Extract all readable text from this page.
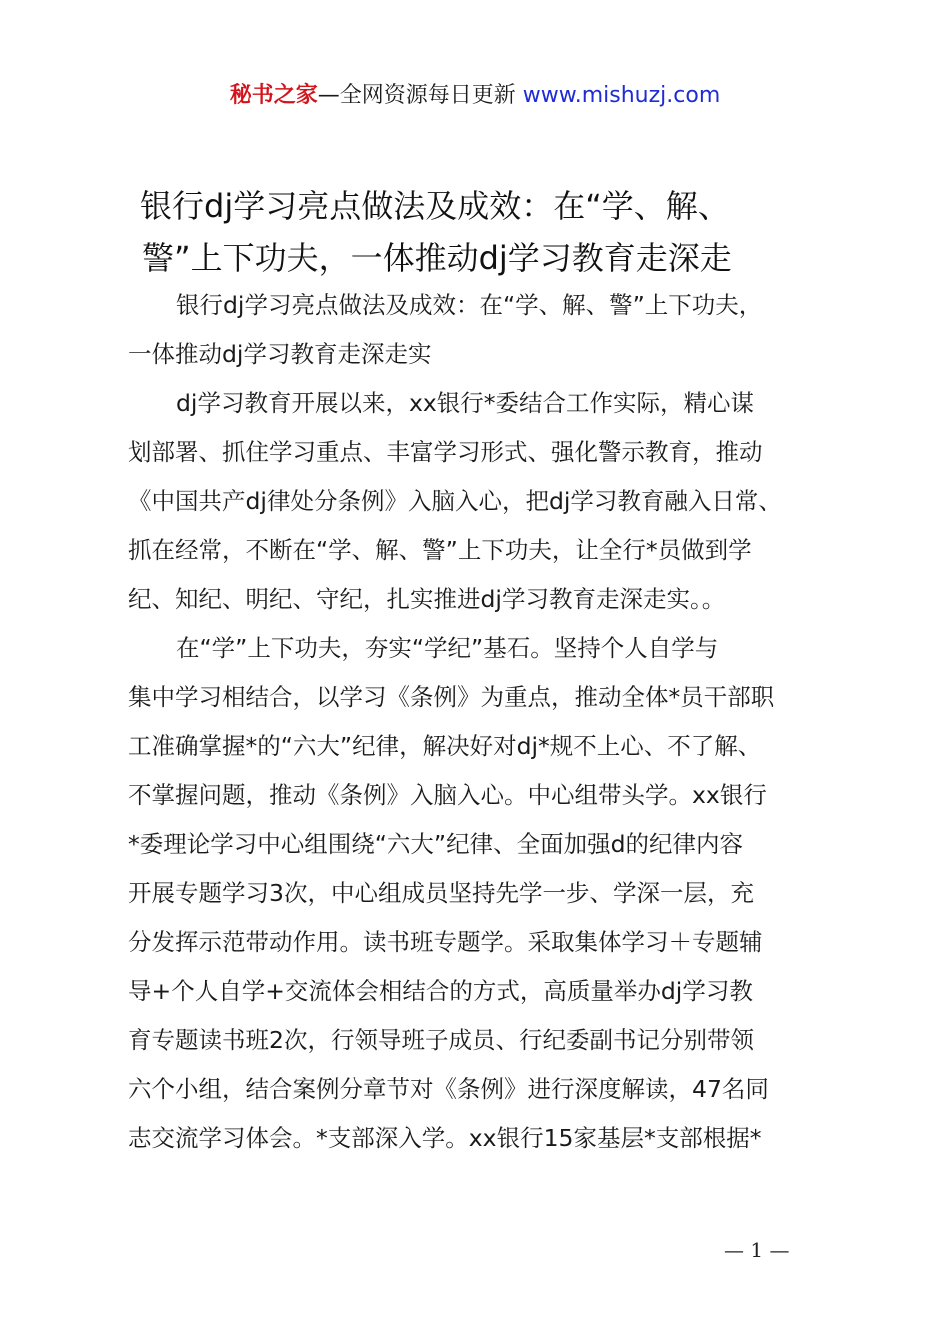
秘书之家—全网资源每日更新 www.mishuzj.com
银行dj学习亮点做法及成效：在“学、解、
警”上下功夫，一体推动dj学习教育走深走

银行dj学习亮点做法及成效：在“学、解、警”上下功夫，
一体推动dj学习教育走深走实

dj学习教育开展以来，xx银行*委结合工作实际，精心谋
划部署、抓住学习重点、丰富学习形式、强化警示教育，推动
《中国共产dj律处分条例》入脑入心，把dj学习教育融入日常、
抓在经常，不断在“学、解、警”上下功夫，让全行*员做到学
纪、知纪、明纪、守纪，扎实推进dj学习教育走深走实。。

在“学”上下功夫，夯实“学纪”基石。坚持个人自学与
集中学习相结合，以学习《条例》为重点，推动全体*员干部职
工准确掌握*的“六大”纪律，解决好对dj*规不上心、不了解、
不掌握问题，推动《条例》入脑入心。中心组带头学。xx银行
*委理论学习中心组围绕“六大”纪律、全面加强d的纪律内容
开展专题学习3次，中心组成员坚持先学一步、学深一层，充
分发挥示范带动作用。读书班专题学。采取集体学习＋专题辅
导+个人自学+交流体会相结合的方式，高质量举办dj学习教
育专题读书班2次，行领导班子成员、行纪委副书记分别带领
六个小组，结合案例分章节对《条例》进行深度解读，47名同
志交流学习体会。*支部深入学。xx银行15家基层*支部根据*

— 1 —
